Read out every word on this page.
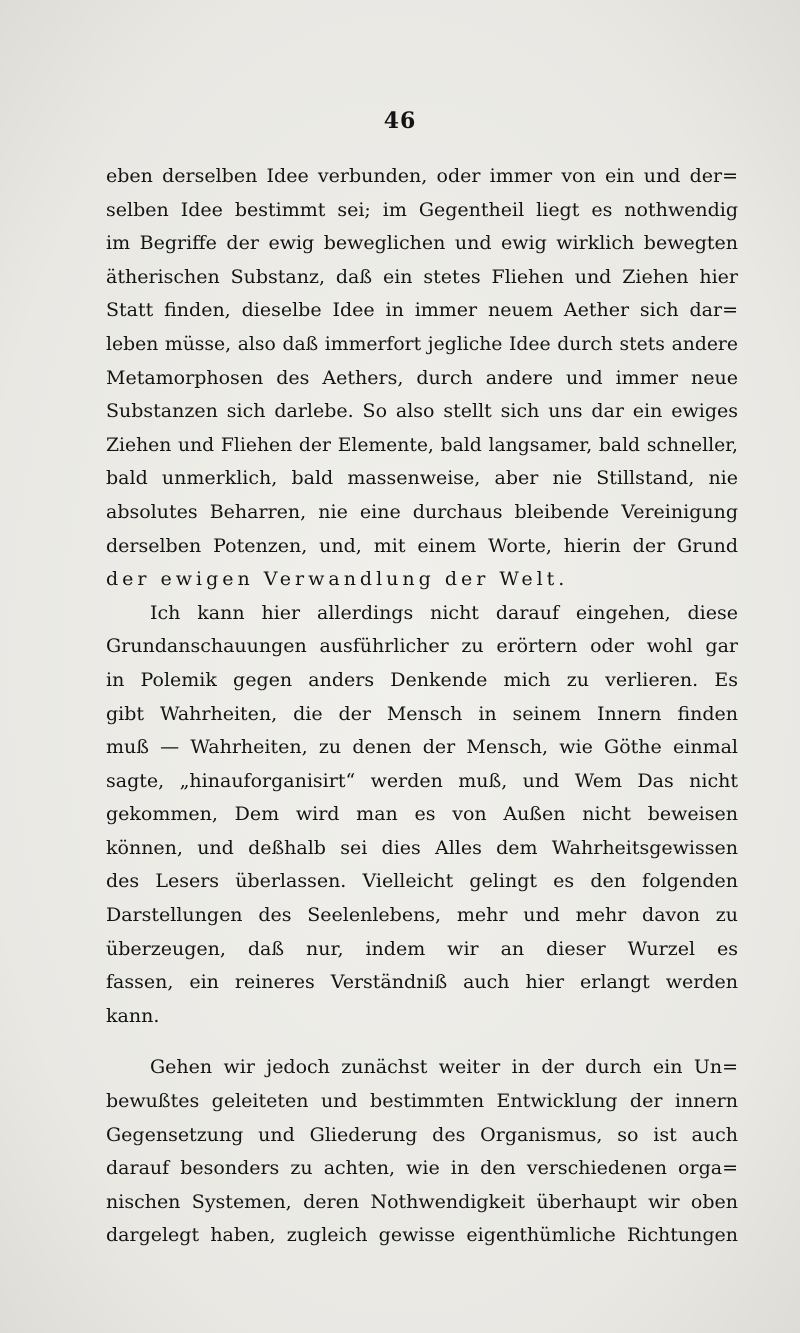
46
eben derselben Idee verbunden, oder immer von ein und der=
selben Idee bestimmt sei; im Gegentheil liegt es nothwendig
im Begriffe der ewig beweglichen und ewig wirklich bewegten
ätherischen Substanz, daß ein stetes Fliehen und Ziehen hier
Statt finden, dieselbe Idee in immer neuem Aether sich dar=
leben müsse, also daß immerfort jegliche Idee durch stets andere
Metamorphosen des Aethers, durch andere und immer neue
Substanzen sich darlebe. So also stellt sich uns dar ein ewiges
Ziehen und Fliehen der Elemente, bald langsamer, bald schneller,
bald unmerklich, bald massenweise, aber nie Stillstand, nie
absolutes Beharren, nie eine durchaus bleibende Vereinigung
derselben Potenzen, und, mit einem Worte, hierin der Grund
der ewigen Verwandlung der Welt.
Ich kann hier allerdings nicht darauf eingehen, diese
Grundanschauungen ausführlicher zu erörtern oder wohl gar
in Polemik gegen anders Denkende mich zu verlieren. Es
gibt Wahrheiten, die der Mensch in seinem Innern finden
muß — Wahrheiten, zu denen der Mensch, wie Göthe einmal
sagte, „hinauforganisirt“ werden muß, und Wem Das nicht
gekommen, Dem wird man es von Außen nicht beweisen
können, und deßhalb sei dies Alles dem Wahrheitsgewissen
des Lesers überlassen. Vielleicht gelingt es den folgenden
Darstellungen des Seelenlebens, mehr und mehr davon zu
überzeugen, daß nur, indem wir an dieser Wurzel es
fassen, ein reineres Verständniß auch hier erlangt werden
kann.
Gehen wir jedoch zunächst weiter in der durch ein Un=
bewußtes geleiteten und bestimmten Entwicklung der innern
Gegensetzung und Gliederung des Organismus, so ist auch
darauf besonders zu achten, wie in den verschiedenen orga=
nischen Systemen, deren Nothwendigkeit überhaupt wir oben
dargelegt haben, zugleich gewisse eigenthümliche Richtungen
